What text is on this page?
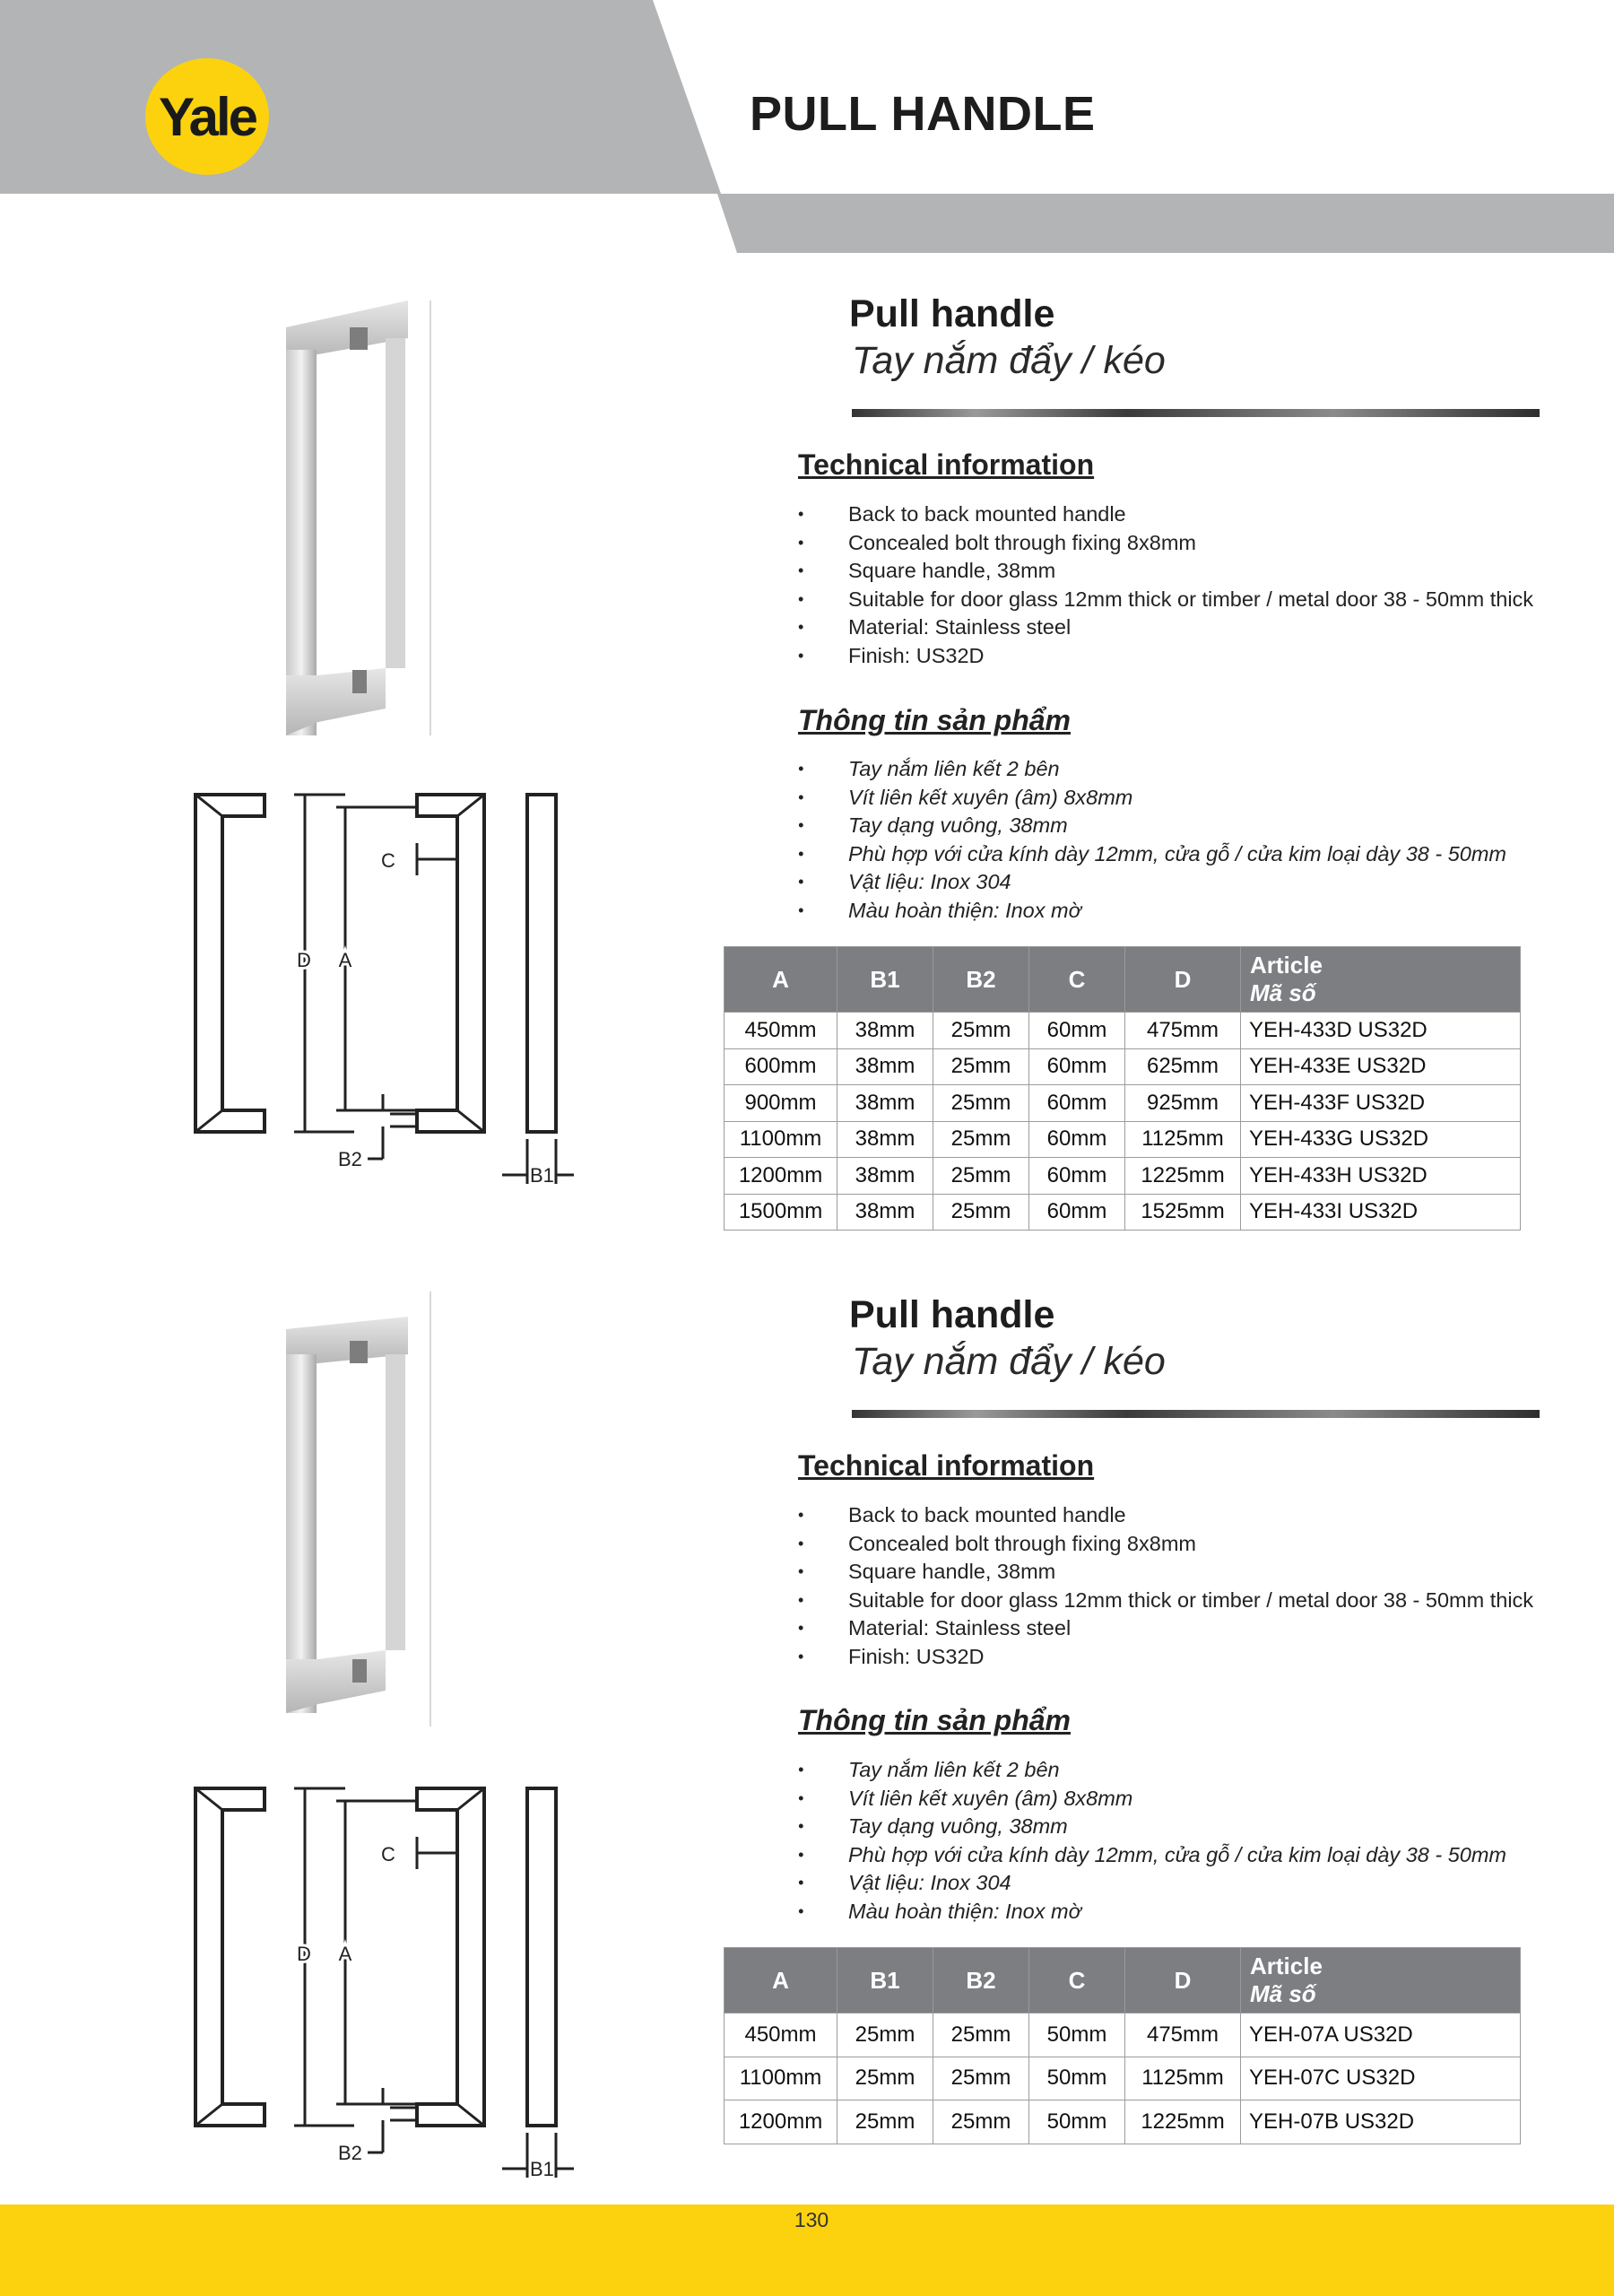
Yale	PULL HANDLE
C
D A
B2
B1
Pull handle
Tay nắm đẩy / kéo
Technical information
• Back to back mounted handle
• Concealed bolt through fixing 8x8mm
• Square handle, 38mm
• Suitable for door glass 12mm thick or timber / metal door 38 - 50mm thick
• Material: Stainless steel
• Finish: US32D
Thông tin sản phẩm
• Tay nắm liên kết 2 bên
• Vít liên kết xuyên (âm) 8x8mm
• Tay dạng vuông, 38mm
• Phù hợp với cửa kính dày 12mm, cửa gỗ / cửa kim loại dày 38 - 50mm
• Vật liệu: Inox 304
• Màu hoàn thiện: Inox mờ
A	B1	B2	C	D	Article
Mã số

450mm	38mm	25mm	60mm	475mm	YEH-433D US32D
600mm	38mm	25mm	60mm	625mm	YEH-433E US32D
900mm	38mm	25mm	60mm	925mm	YEH-433F US32D
1100mm	38mm	25mm	60mm	1125mm	YEH-433G US32D
1200mm	38mm	25mm	60mm	1225mm	YEH-433H US32D
1500mm	38mm	25mm	60mm	1525mm	YEH-433I US32D
C
D A
B2
B1
Pull handle
Tay nắm đẩy / kéo
Technical information
• Back to back mounted handle
• Concealed bolt through fixing 8x8mm
• Square handle, 38mm
• Suitable for door glass 12mm thick or timber / metal door 38 - 50mm thick
• Material: Stainless steel
• Finish: US32D
Thông tin sản phẩm
• Tay nắm liên kết 2 bên
• Vít liên kết xuyên (âm) 8x8mm
• Tay dạng vuông, 38mm
• Phù hợp với cửa kính dày 12mm, cửa gỗ / cửa kim loại dày 38 - 50mm
• Vật liệu: Inox 304
• Màu hoàn thiện: Inox mờ
A	B1	B2	C	D	Article
Mã số

450mm	25mm	25mm	50mm	475mm	YEH-07A US32D
1100mm	25mm	25mm	50mm	1125mm	YEH-07C US32D
1200mm	25mm	25mm	50mm	1225mm	YEH-07B US32D
130
